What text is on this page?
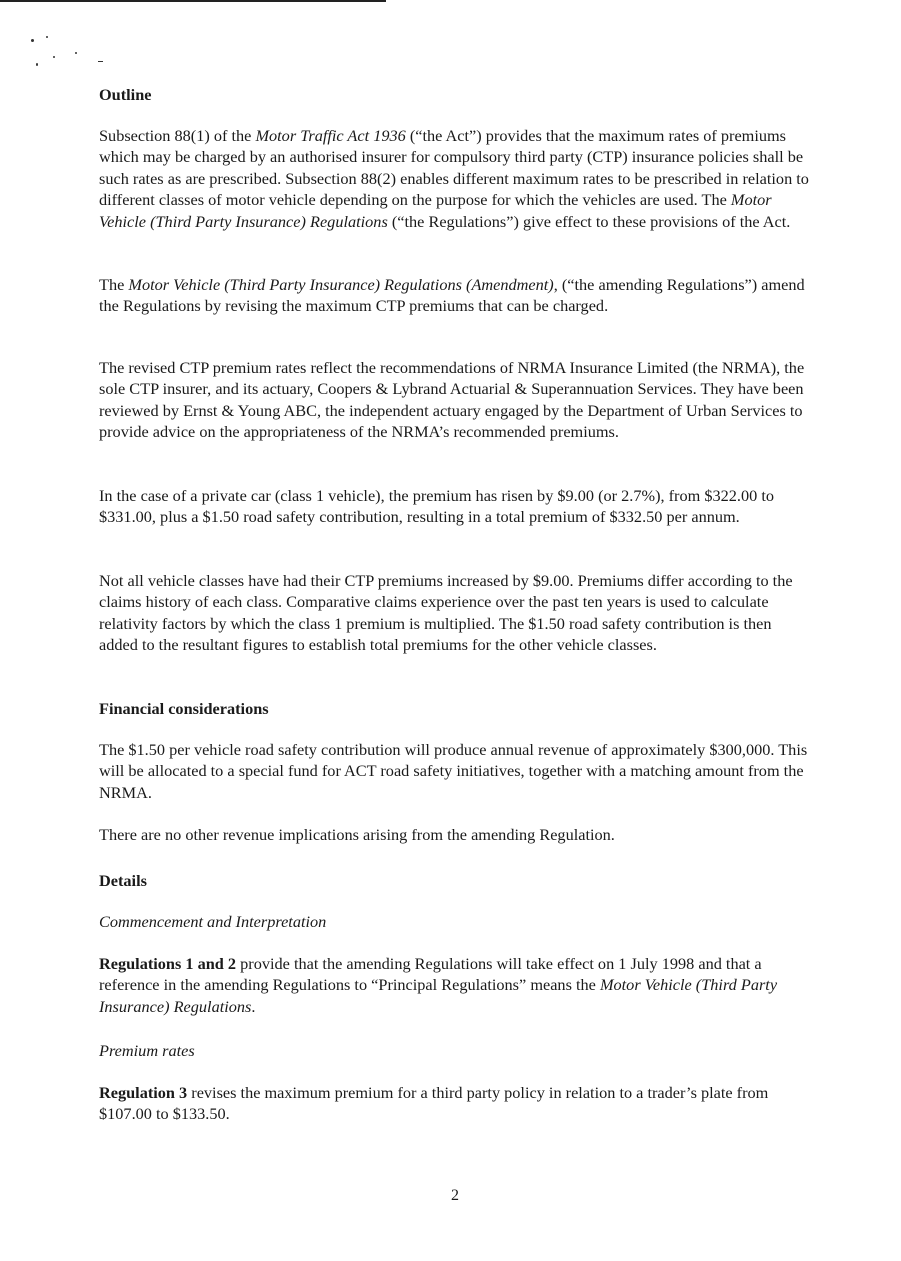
Outline

Subsection 88(1) of the Motor Traffic Act 1936 (“the Act”) provides that the maximum rates of premiums which may be charged by an authorised insurer for compulsory third party (CTP) insurance policies shall be such rates as are prescribed. Subsection 88(2) enables different maximum rates to be prescribed in relation to different classes of motor vehicle depending on the purpose for which the vehicles are used. The Motor Vehicle (Third Party Insurance) Regulations (“the Regulations”) give effect to these provisions of the Act.

The Motor Vehicle (Third Party Insurance) Regulations (Amendment), (“the amending Regulations”) amend the Regulations by revising the maximum CTP premiums that can be charged.

The revised CTP premium rates reflect the recommendations of NRMA Insurance Limited (the NRMA), the sole CTP insurer, and its actuary, Coopers & Lybrand Actuarial & Superannuation Services. They have been reviewed by Ernst & Young ABC, the independent actuary engaged by the Department of Urban Services to provide advice on the appropriateness of the NRMA’s recommended premiums.

In the case of a private car (class 1 vehicle), the premium has risen by $9.00 (or 2.7%), from $322.00 to $331.00, plus a $1.50 road safety contribution, resulting in a total premium of $332.50 per annum.

Not all vehicle classes have had their CTP premiums increased by $9.00. Premiums differ according to the claims history of each class. Comparative claims experience over the past ten years is used to calculate relativity factors by which the class 1 premium is multiplied. The $1.50 road safety contribution is then added to the resultant figures to establish total premiums for the other vehicle classes.

Financial considerations

The $1.50 per vehicle road safety contribution will produce annual revenue of approximately $300,000. This will be allocated to a special fund for ACT road safety initiatives, together with a matching amount from the NRMA.

There are no other revenue implications arising from the amending Regulation.

Details

Commencement and Interpretation

Regulations 1 and 2 provide that the amending Regulations will take effect on 1 July 1998 and that a reference in the amending Regulations to “Principal Regulations” means the Motor Vehicle (Third Party Insurance) Regulations.

Premium rates

Regulation 3 revises the maximum premium for a third party policy in relation to a trader’s plate from $107.00 to $133.50.

2
